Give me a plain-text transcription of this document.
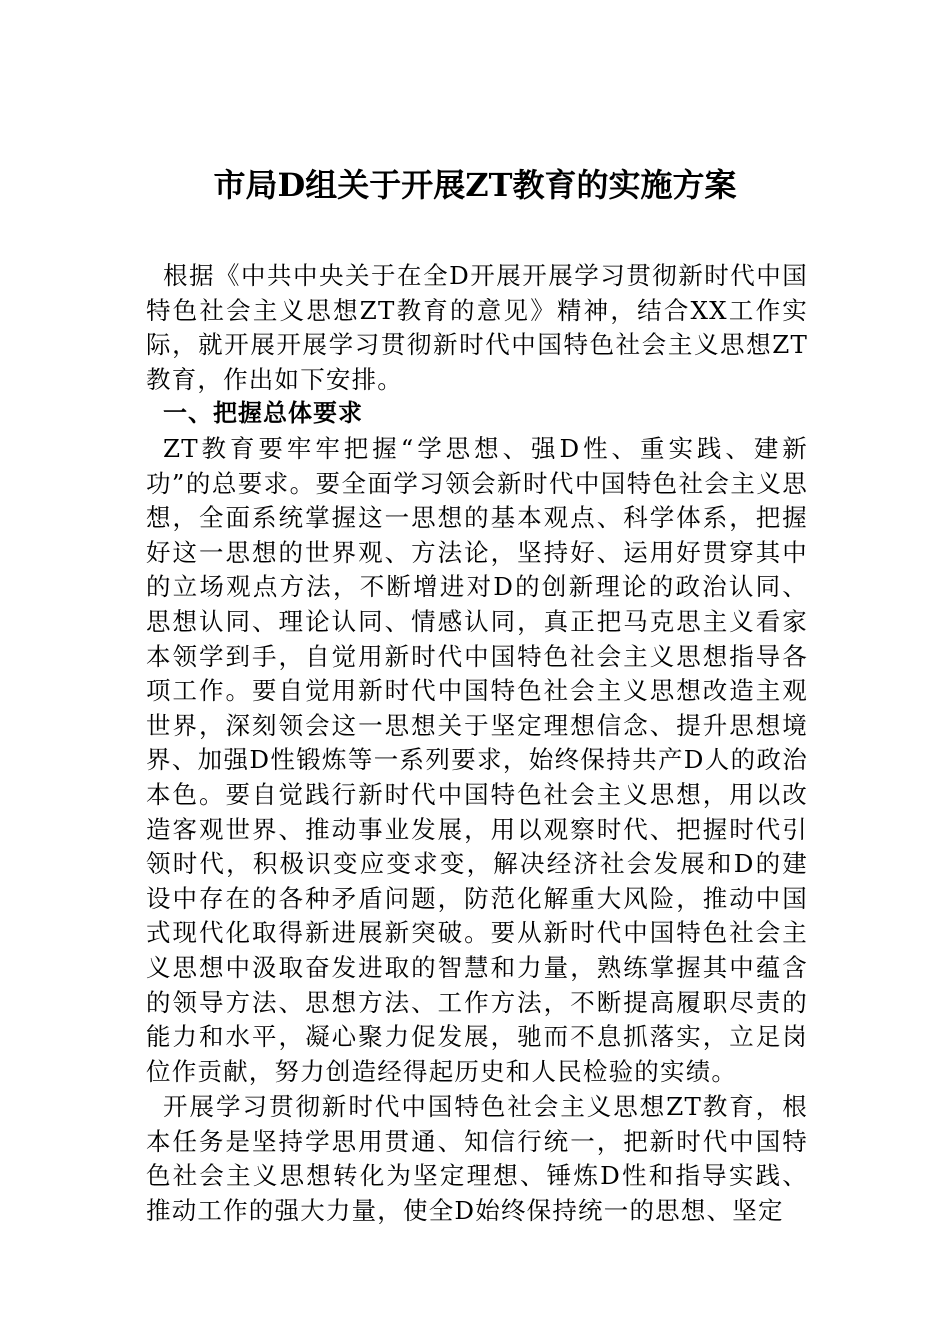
市局D组关于开展ZT教育的实施方案

根据《中共中央关于在全D开展开展学习贯彻新时代中国特色社会主义思想ZT教育的意见》精神，结合XX工作实际，就开展开展学习贯彻新时代中国特色社会主义思想ZT教育，作出如下安排。

一、把握总体要求

ZT教育要牢牢把握“学思想、强D性、重实践、建新功”的总要求。要全面学习领会新时代中国特色社会主义思想，全面系统掌握这一思想的基本观点、科学体系，把握好这一思想的世界观、方法论，坚持好、运用好贯穿其中的立场观点方法，不断增进对D的创新理论的政治认同、思想认同、理论认同、情感认同，真正把马克思主义看家本领学到手，自觉用新时代中国特色社会主义思想指导各项工作。要自觉用新时代中国特色社会主义思想改造主观世界，深刻领会这一思想关于坚定理想信念、提升思想境界、加强D性锻炼等一系列要求，始终保持共产D人的政治本色。要自觉践行新时代中国特色社会主义思想，用以改造客观世界、推动事业发展，用以观察时代、把握时代引领时代，积极识变应变求变，解决经济社会发展和D的建设中存在的各种矛盾问题，防范化解重大风险，推动中国式现代化取得新进展新突破。要从新时代中国特色社会主义思想中汲取奋发进取的智慧和力量，熟练掌握其中蕴含的领导方法、思想方法、工作方法，不断提高履职尽责的能力和水平，凝心聚力促发展，驰而不息抓落实，立足岗位作贡献，努力创造经得起历史和人民检验的实绩。

开展学习贯彻新时代中国特色社会主义思想ZT教育，根本任务是坚持学思用贯通、知信行统一，把新时代中国特色社会主义思想转化为坚定理想、锤炼D性和指导实践、推动工作的强大力量，使全D始终保持统一的思想、坚定
